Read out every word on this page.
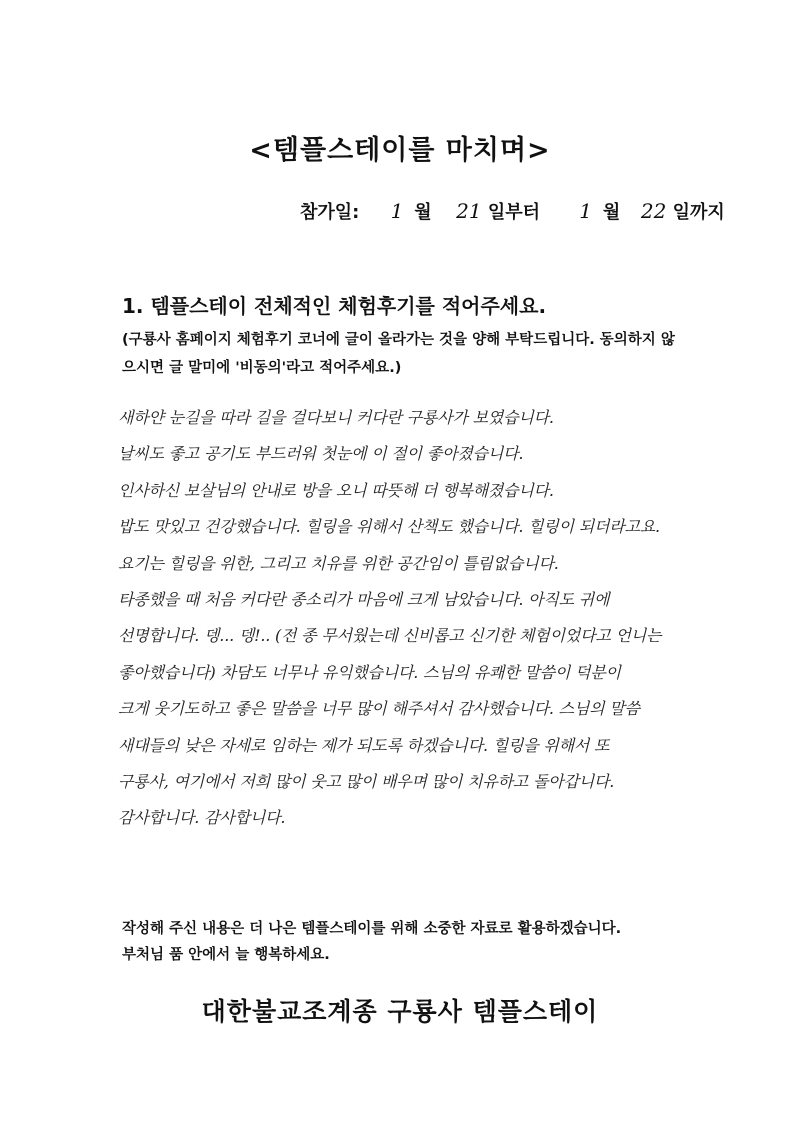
<템플스테이를 마치며>
참가일: 1 월 21 일부터 1 월 22 일까지
1. 템플스테이 전체적인 체험후기를 적어주세요.
(구룡사 홈페이지 체험후기 코너에 글이 올라가는 것을 양해 부탁드립니다. 동의하지 않으시면 글 말미에 '비동의'라고 적어주세요.)
새하얀 눈길을 따라 길을 걸다보니 커다란 구룡사가 보였습니다.
날씨도 좋고 공기도 부드러워 첫눈에 이 절이 좋아졌습니다.
인사하신 보살님의 안내로 방을 오니 따뜻해 더 행복해졌습니다.
밥도 맛있고 건강했습니다. 힐링을 위해서 산책도 했습니다. 힐링이 되더라고요.
요기는 힐링을 위한, 그리고 치유를 위한 공간임이 틀림없습니다.
타종했을 때 처음 커다란 종소리가 마음에 크게 남았습니다. 아직도 귀에
선명합니다. 뎅... 뎅!.. (전 종 무서웠는데 신비롭고 신기한 체험이었다고 언니는
좋아했습니다) 차담도 너무나 유익했습니다. 스님의 유쾌한 말씀이 덕분이
크게 웃기도하고 좋은 말씀을 너무 많이 해주셔서 감사했습니다. 스님의 말씀
새대들의 낮은 자세로 임하는 제가 되도록 하겠습니다. 힐링을 위해서 또
구룡사, 여기에서 저희 많이 웃고 많이 배우며 많이 치유하고 돌아갑니다.
감사합니다. 감사합니다.
작성해 주신 내용은 더 나은 템플스테이를 위해 소중한 자료로 활용하겠습니다.
부처님 품 안에서 늘 행복하세요.
대한불교조계종 구룡사 템플스테이
